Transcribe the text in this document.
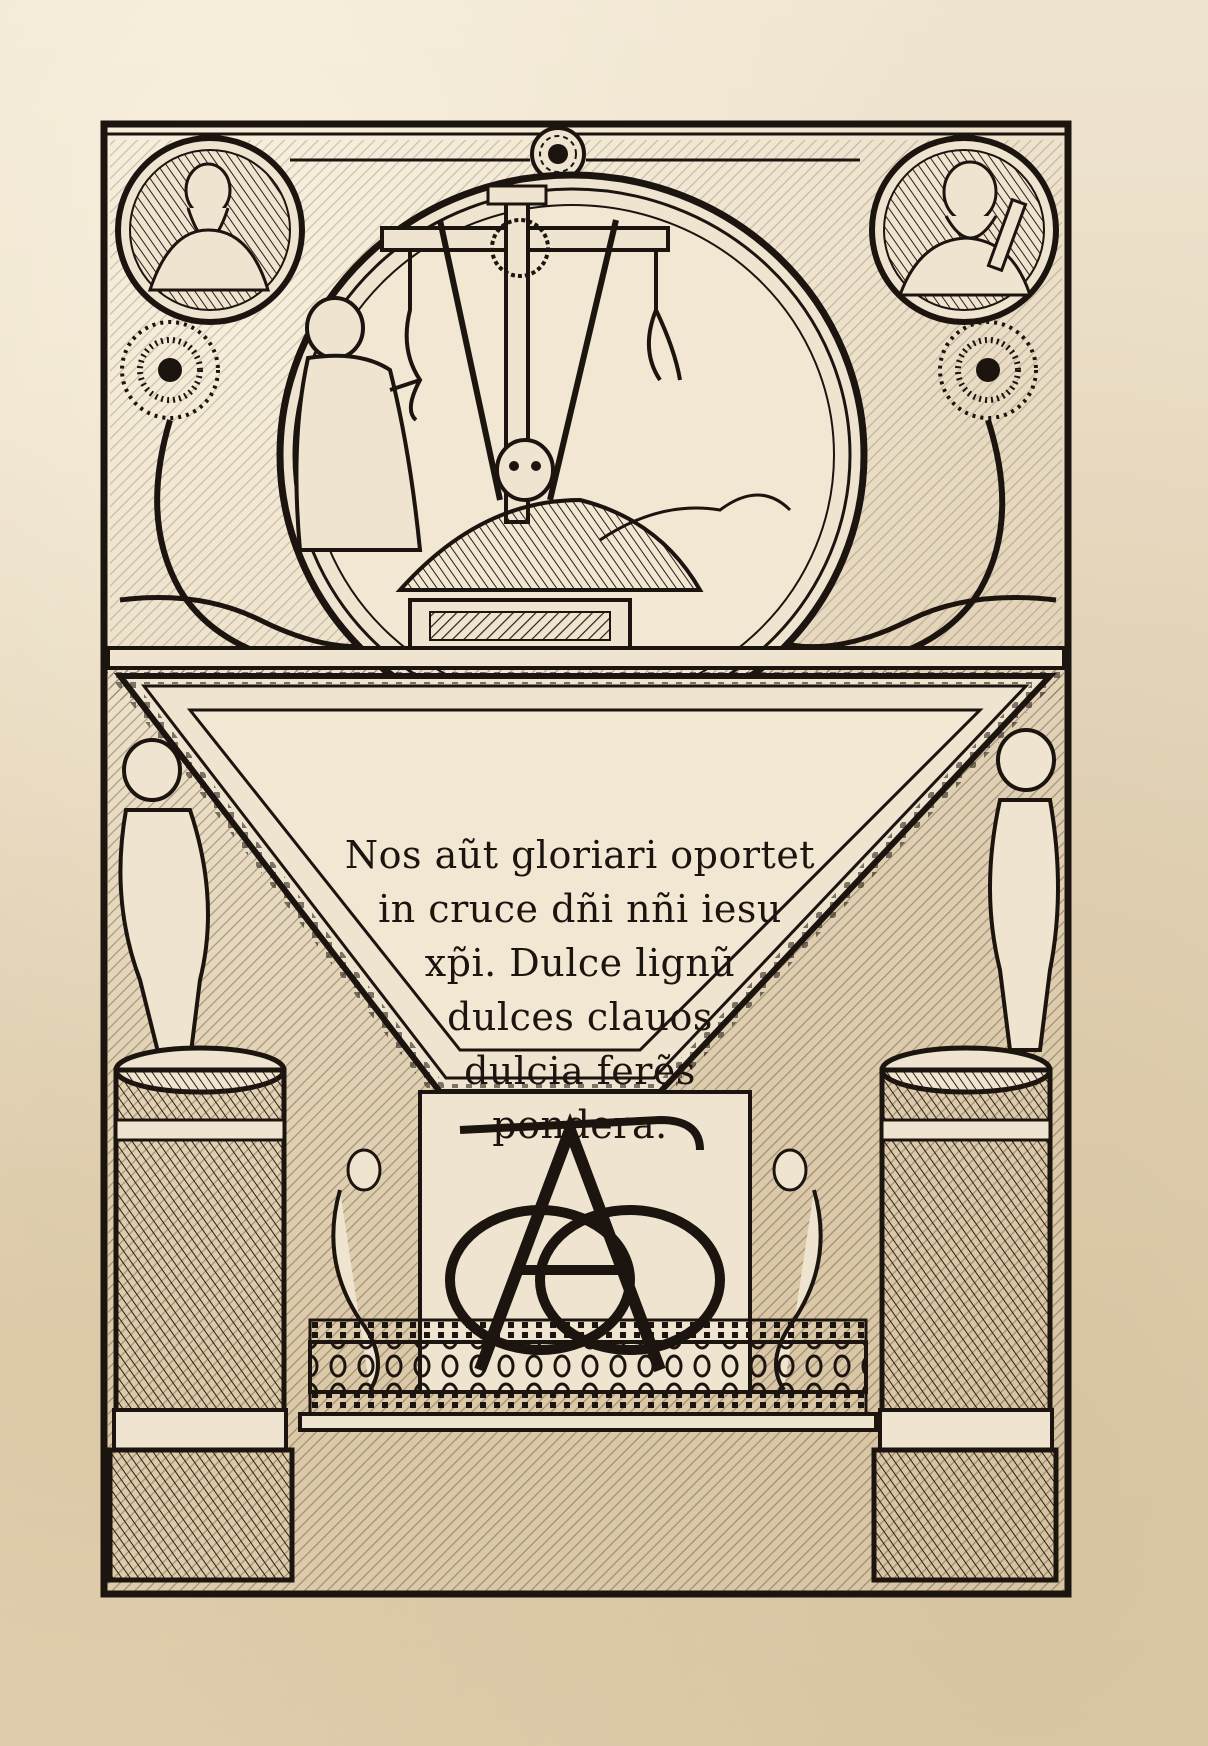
Nos aũt gloriari oportet
in cruce dñi nñi iesu
xp̃i. Dulce lignũ
dulces clauos
dulcia ferẽs
pondera.
